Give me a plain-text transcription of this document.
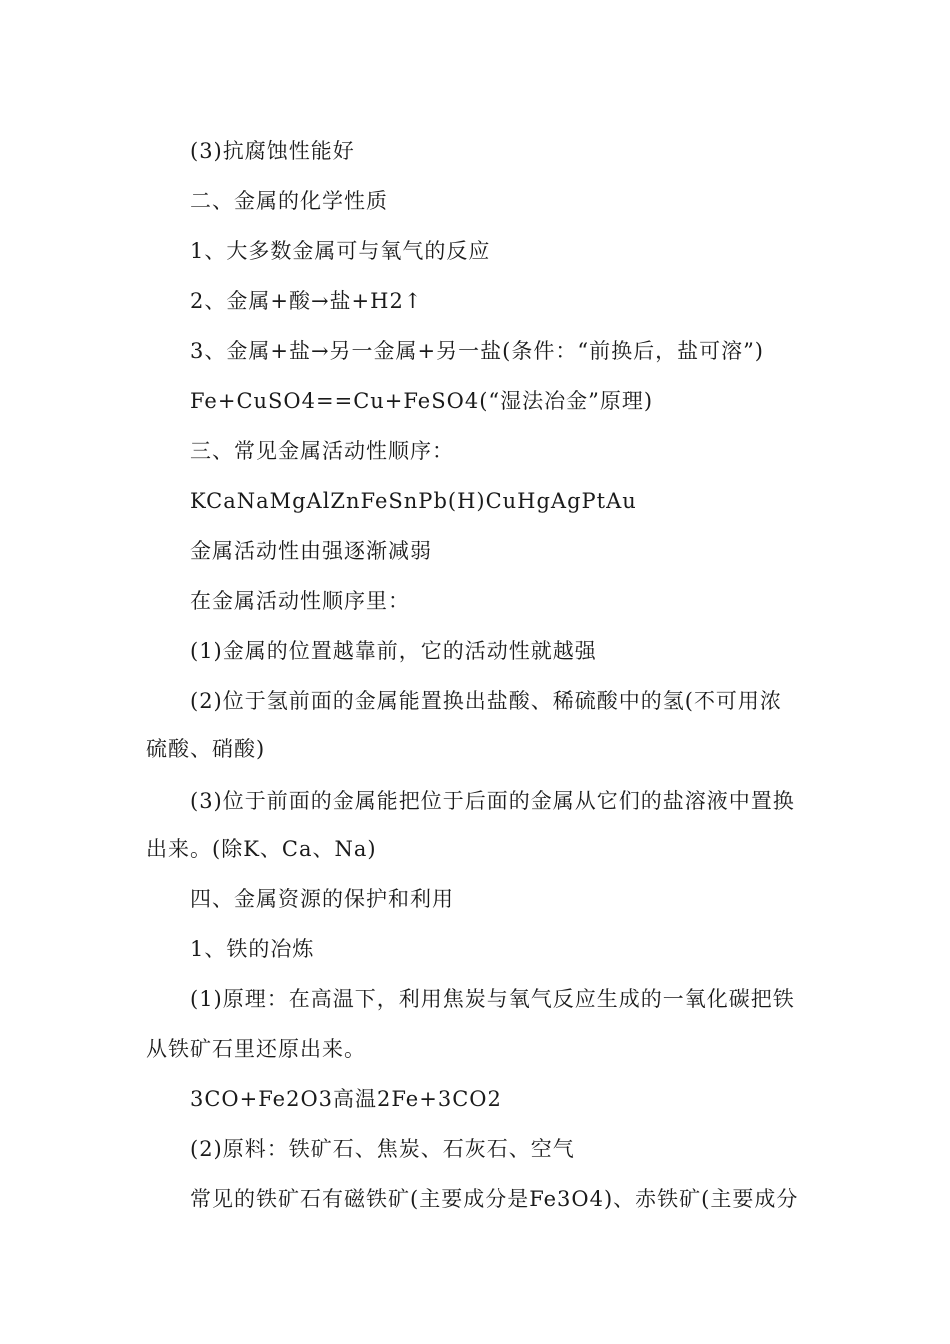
(3)抗腐蚀性能好
二、金属的化学性质
1、大多数金属可与氧气的反应
2、金属+酸→盐+H2↑
3、金属+盐→另一金属+另一盐(条件：“前换后，盐可溶”)
Fe+CuSO4==Cu+FeSO4(“湿法冶金”原理)
三、常见金属活动性顺序：
KCaNaMgAlZnFeSnPb(H)CuHgAgPtAu
金属活动性由强逐渐减弱
在金属活动性顺序里：
(1)金属的位置越靠前，它的活动性就越强
(2)位于氢前面的金属能置换出盐酸、稀硫酸中的氢(不可用浓
硫酸、硝酸)
(3)位于前面的金属能把位于后面的金属从它们的盐溶液中置换
出来。(除K、Ca、Na)
四、金属资源的保护和利用
1、铁的冶炼
(1)原理：在高温下，利用焦炭与氧气反应生成的一氧化碳把铁
从铁矿石里还原出来。
3CO+Fe2O3高温2Fe+3CO2
(2)原料：铁矿石、焦炭、石灰石、空气
常见的铁矿石有磁铁矿(主要成分是Fe3O4)、赤铁矿(主要成分
